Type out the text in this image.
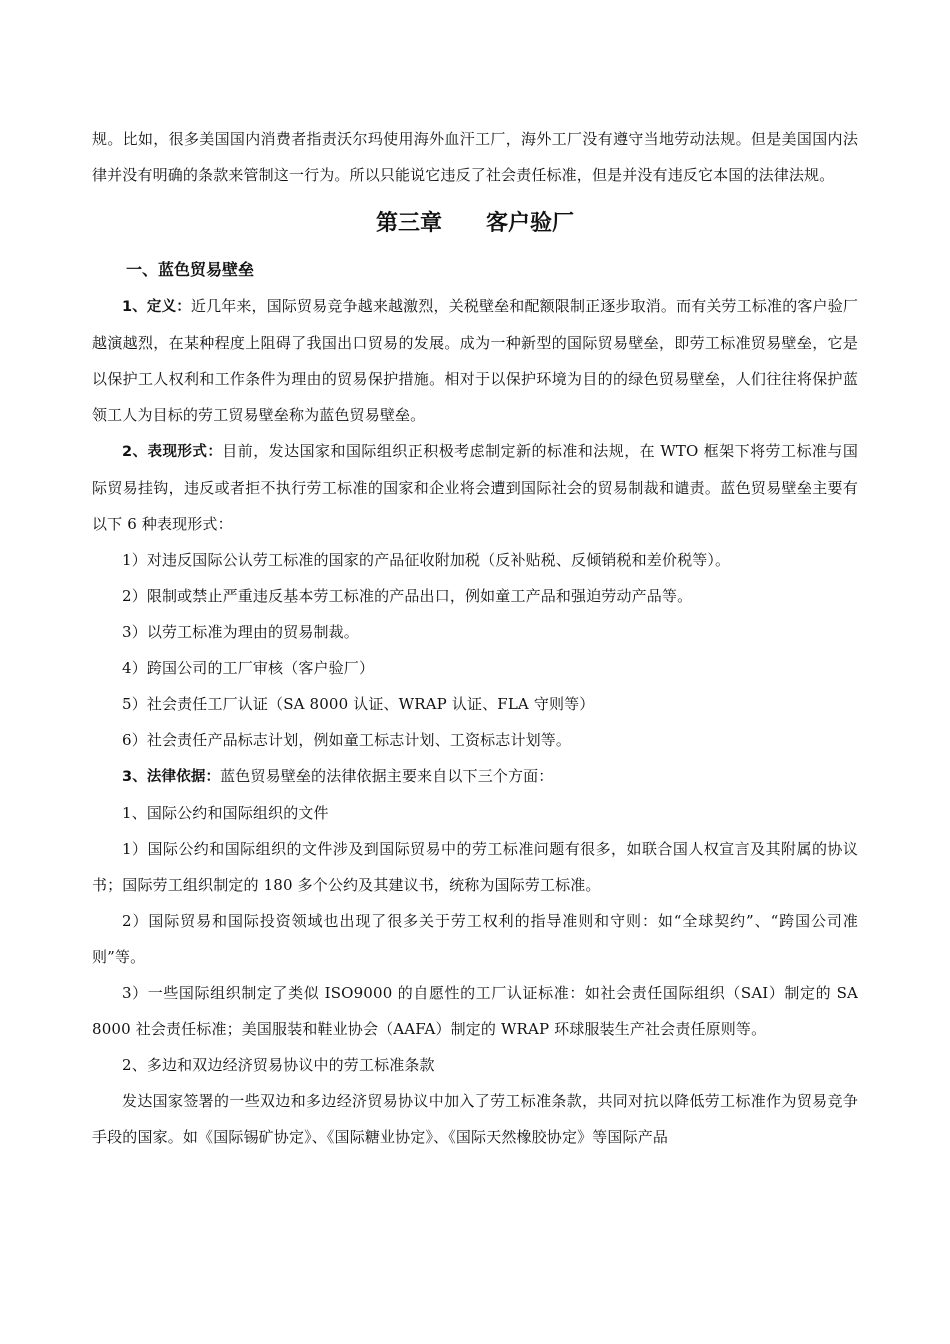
规。比如，很多美国国内消费者指责沃尔玛使用海外血汗工厂，海外工厂没有遵守当地劳动法规。但是美国国内法律并没有明确的条款来管制这一行为。所以只能说它违反了社会责任标准，但是并没有违反它本国的法律法规。

第三章 客户验厂
一、蓝色贸易壁垒

1、定义：近几年来，国际贸易竞争越来越激烈，关税壁垒和配额限制正逐步取消。而有关劳工标准的客户验厂越演越烈，在某种程度上阻碍了我国出口贸易的发展。成为一种新型的国际贸易壁垒，即劳工标准贸易壁垒，它是以保护工人权利和工作条件为理由的贸易保护措施。相对于以保护环境为目的的绿色贸易壁垒，人们往往将保护蓝领工人为目标的劳工贸易壁垒称为蓝色贸易壁垒。

2、表现形式：目前，发达国家和国际组织正积极考虑制定新的标准和法规，在 WTO 框架下将劳工标准与国际贸易挂钩，违反或者拒不执行劳工标准的国家和企业将会遭到国际社会的贸易制裁和谴责。蓝色贸易壁垒主要有以下 6 种表现形式：

1）对违反国际公认劳工标准的国家的产品征收附加税（反补贴税、反倾销税和差价税等）。

2）限制或禁止严重违反基本劳工标准的产品出口，例如童工产品和强迫劳动产品等。

3）以劳工标准为理由的贸易制裁。

4）跨国公司的工厂审核（客户验厂）

5）社会责任工厂认证（SA 8000 认证、WRAP 认证、FLA 守则等）

6）社会责任产品标志计划，例如童工标志计划、工资标志计划等。

3、法律依据：蓝色贸易壁垒的法律依据主要来自以下三个方面：

1、国际公约和国际组织的文件

1）国际公约和国际组织的文件涉及到国际贸易中的劳工标准问题有很多，如联合国人权宣言及其附属的协议书；国际劳工组织制定的 180 多个公约及其建议书，统称为国际劳工标准。

2）国际贸易和国际投资领域也出现了很多关于劳工权利的指导准则和守则：如“全球契约”、“跨国公司准则”等。

3）一些国际组织制定了类似 ISO9000 的自愿性的工厂认证标准：如社会责任国际组织（SAI）制定的 SA 8000 社会责任标准；美国服装和鞋业协会（AAFA）制定的 WRAP 环球服装生产社会责任原则等。

2、多边和双边经济贸易协议中的劳工标准条款

发达国家签署的一些双边和多边经济贸易协议中加入了劳工标准条款，共同对抗以降低劳工标准作为贸易竞争手段的国家。如《国际锡矿协定》、《国际糖业协定》、《国际天然橡胶协定》等国际产品
